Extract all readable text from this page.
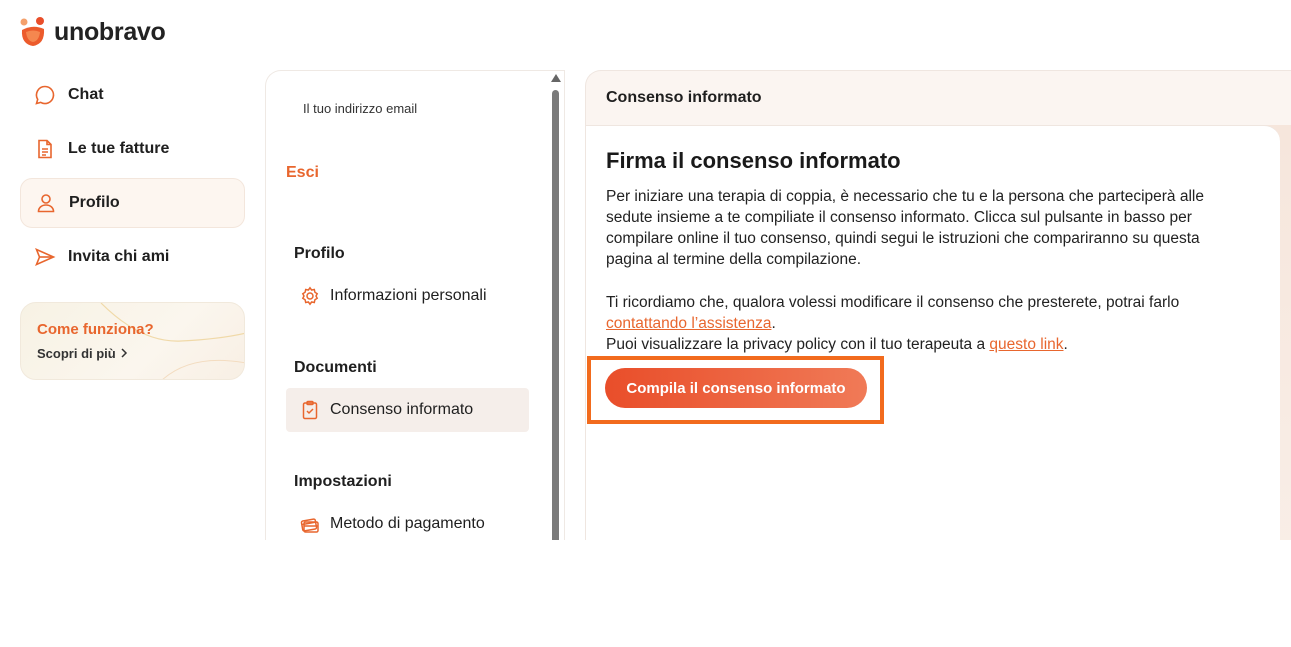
unobravo
Chat
Le tue fatture
Profilo
Invita chi ami
Come funziona?
Scopri di più
Il tuo indirizzo email
Esci
Profilo
Informazioni personali
Documenti
Consenso informato
Impostazioni
Metodo di pagamento
Consenso informato
Firma il consenso informato

Per iniziare una terapia di coppia, è necessario che tu e la persona che parteciperà alle sedute insieme a te compiliate il consenso informato. Clicca sul pulsante in basso per compilare online il tuo consenso, quindi segui le istruzioni che compariranno su questa pagina al termine della compilazione.

Ti ricordiamo che, qualora volessi modificare il consenso che presterete, potrai farlo
contattando l’assistenza.
Puoi visualizzare la privacy policy con il tuo terapeuta a questo link.

Compila il consenso informato
